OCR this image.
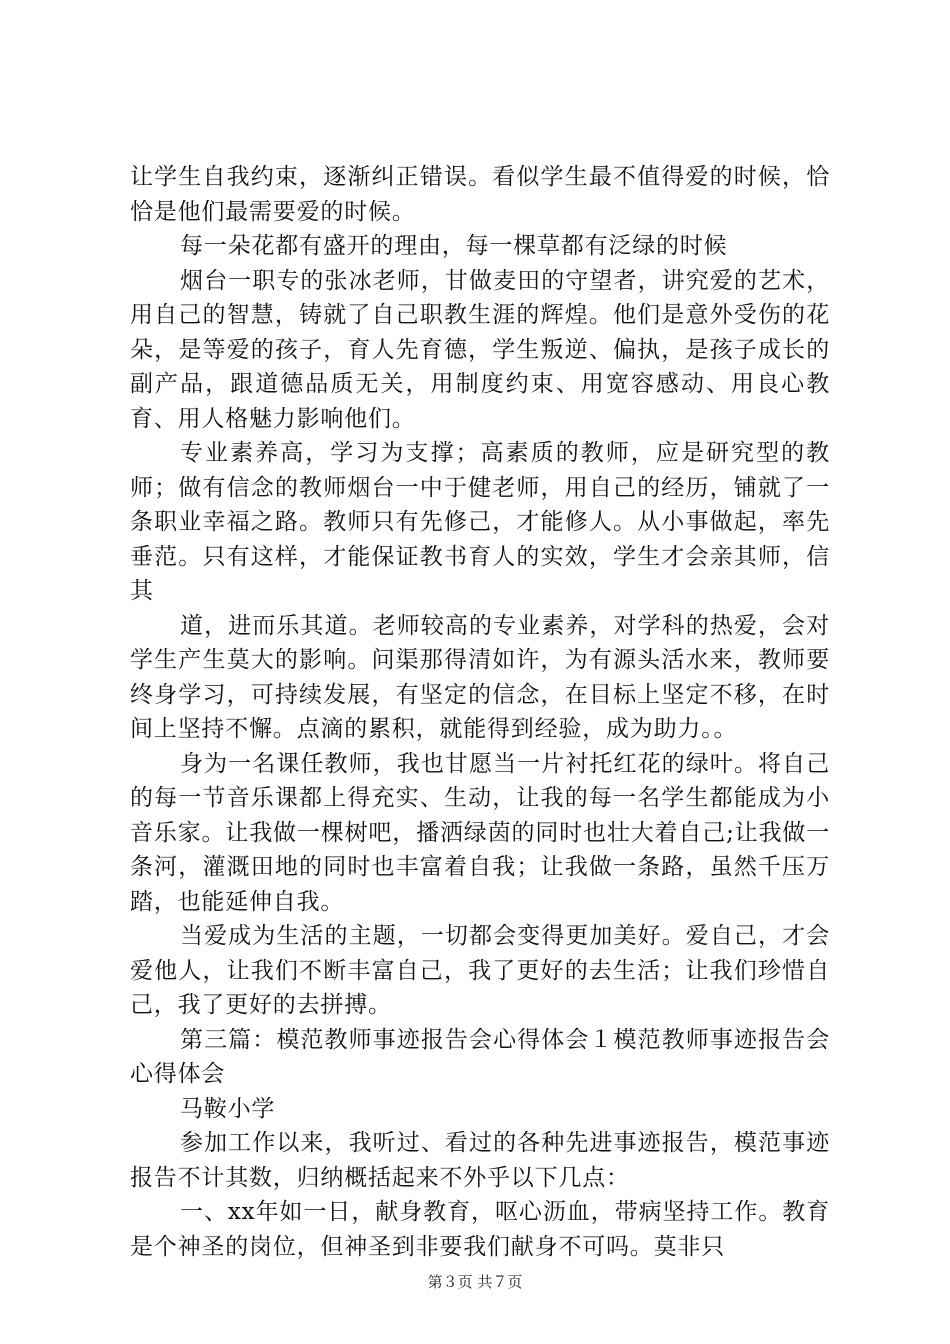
让学生自我约束，逐渐纠正错误。看似学生最不值得爱的时候，恰恰是他们最需要爱的时候。

每一朵花都有盛开的理由，每一棵草都有泛绿的时候

烟台一职专的张冰老师，甘做麦田的守望者，讲究爱的艺术，用自己的智慧，铸就了自己职教生涯的辉煌。他们是意外受伤的花朵，是等爱的孩子，育人先育德，学生叛逆、偏执，是孩子成长的副产品，跟道德品质无关，用制度约束、用宽容感动、用良心教育、用人格魅力影响他们。

专业素养高，学习为支撑；高素质的教师，应是研究型的教师；做有信念的教师烟台一中于健老师，用自己的经历，铺就了一条职业幸福之路。教师只有先修己，才能修人。从小事做起，率先垂范。只有这样，才能保证教书育人的实效，学生才会亲其师，信其

道，进而乐其道。老师较高的专业素养，对学科的热爱，会对学生产生莫大的影响。问渠那得清如许，为有源头活水来，教师要终身学习，可持续发展，有坚定的信念，在目标上坚定不移，在时间上坚持不懈。点滴的累积，就能得到经验，成为助力。。

身为一名课任教师，我也甘愿当一片衬托红花的绿叶。将自己的每一节音乐课都上得充实、生动，让我的每一名学生都能成为小音乐家。让我做一棵树吧，播洒绿茵的同时也壮大着自己;让我做一条河，灌溉田地的同时也丰富着自我；让我做一条路，虽然千压万踏，也能延伸自我。

当爱成为生活的主题，一切都会变得更加美好。爱自己，才会爱他人，让我们不断丰富自己，我了更好的去生活；让我们珍惜自己，我了更好的去拼搏。

第三篇：模范教师事迹报告会心得体会１模范教师事迹报告会心得体会

马鞍小学

参加工作以来，我听过、看过的各种先进事迹报告，模范事迹报告不计其数，归纳概括起来不外乎以下几点：

一、xx年如一日，献身教育，呕心沥血，带病坚持工作。教育是个神圣的岗位，但神圣到非要我们献身不可吗。莫非只

第３页 共７页
